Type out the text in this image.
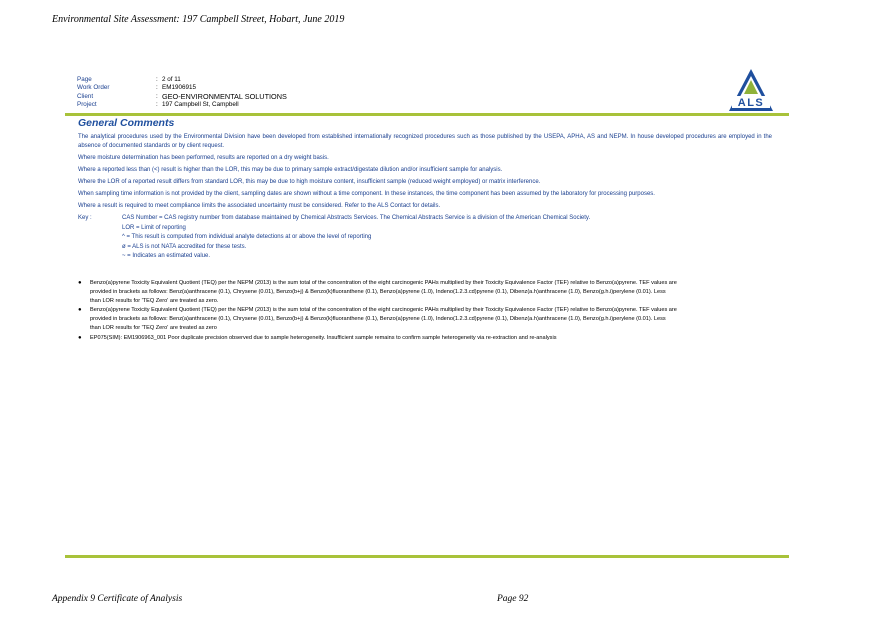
Environmental Site Assessment: 197 Campbell Street, Hobart, June 2019
Page	: 2 of 11
Work Order	: EM1906915
Client	: GEO-ENVIRONMENTAL SOLUTIONS
Project	: 197 Campbell St, Campbell	ALS
General Comments

The analytical procedures used by the Environmental Division have been developed from established internationally recognized procedures such as those published by the USEPA, APHA, AS and NEPM. In house developed procedures are employed in the absence of documented standards or by client request.

Where moisture determination has been performed, results are reported on a dry weight basis.

Where a reported less than (<) result is higher than the LOR, this may be due to primary sample extract/digestate dilution and/or insufficient sample for analysis.

Where the LOR of a reported result differs from standard LOR, this may be due to high moisture content, insufficient sample (reduced weight employed) or matrix interference.

When sampling time information is not provided by the client, sampling dates are shown without a time component. In these instances, the time component has been assumed by the laboratory for processing purposes.

Where a result is required to meet compliance limits the associated uncertainty must be considered. Refer to the ALS Contact for details.

Key :	CAS Number = CAS registry number from database maintained by Chemical Abstracts Services. The Chemical Abstracts Service is a division of the American Chemical Society.
LOR = Limit of reporting
^ = This result is computed from individual analyte detections at or above the level of reporting
ø = ALS is not NATA accredited for these tests.
~ = Indicates an estimated value.
●	Benzo(a)pyrene Toxicity Equivalent Quotient (TEQ) per the NEPM (2013) is the sum total of the concentration of the eight carcinogenic PAHs multiplied by their Toxicity Equivalence Factor (TEF) relative to Benzo(a)pyrene. TEF values are provided in brackets as follows: Benz(a)anthracene (0.1), Chrysene (0.01), Benzo(b+j) & Benzo(k)fluoranthene (0.1), Benzo(a)pyrene (1.0), Indeno(1.2.3.cd)pyrene (0.1), Dibenz(a.h)anthracene (1.0), Benzo(g.h.i)perylene (0.01). Less than LOR results for 'TEQ Zero' are treated as zero.
●	Benzo(a)pyrene Toxicity Equivalent Quotient (TEQ) per the NEPM (2013) is the sum total of the concentration of the eight carcinogenic PAHs multiplied by their Toxicity Equivalence Factor (TEF) relative to Benzo(a)pyrene. TEF values are provided in brackets as follows: Benz(a)anthracene (0.1), Chrysene (0.01), Benzo(b+j) & Benzo(k)fluoranthene (0.1), Benzo(a)pyrene (1.0), Indeno(1.2.3.cd)pyrene (0.1), Dibenz(a.h)anthracene (1.0), Benzo(g.h.i)perylene (0.01). Less than LOR results for 'TEQ Zero' are treated as zero
●	EP075(SIM): EM1906963_001 Poor duplicate precision observed due to sample heterogeneity. Insufficient sample remains to confirm sample heterogeneity via re-extraction and re-analysis
Appendix 9 Certificate of Analysis	Page 92
